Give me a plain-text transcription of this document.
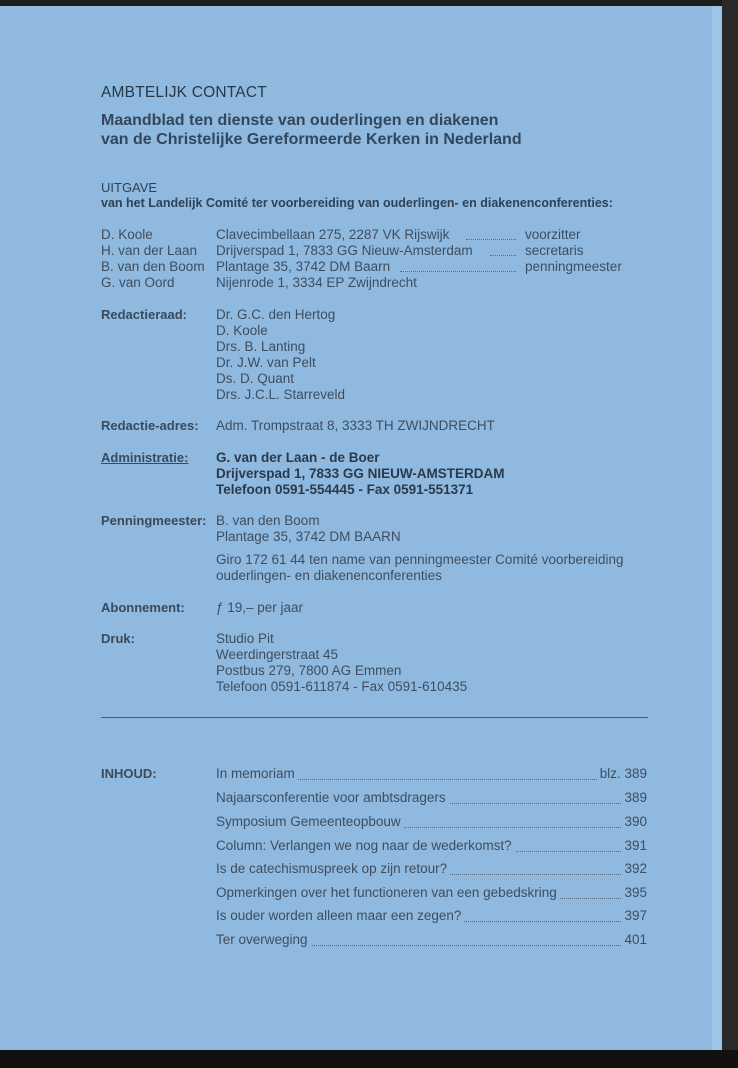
AMBTELIJK CONTACT
Maandblad ten dienste van ouderlingen en diakenen
van de Christelijke Gereformeerde Kerken in Nederland
UITGAVE
van het Landelijk Comité ter voorbereiding van ouderlingen- en diakenenconferenties:
D. Koole	Clavecimbellaan 275, 2287 VK Rijswijk	voorzitter
H. van der Laan Drijverspad 1, 7833 GG Nieuw-Amsterdam	secretaris
B. van den Boom Plantage 35, 3742 DM Baarn	penningmeester
G. van Oord	Nijenrode 1, 3334 EP Zwijndrecht
Redactieraad: Dr. G.C. den Hertog
D. Koole
Drs. B. Lanting
Dr. J.W. van Pelt
Ds. D. Quant
Drs. J.C.L. Starreveld
Redactie-adres: Adm. Trompstraat 8, 3333 TH ZWIJNDRECHT
Administratie: G. van der Laan - de Boer
Drijverspad 1, 7833 GG NIEUW-AMSTERDAM
Telefoon 0591-554445 - Fax 0591-551371
Penningmeester: B. van den Boom
Plantage 35, 3742 DM BAARN
Giro 172 61 44 ten name van penningmeester Comité voorbereiding
ouderlingen- en diakenenconferenties
Abonnement: ƒ 19,– per jaar
Druk:	Studio Pit
Weerdingerstraat 45
Postbus 279, 7800 AG Emmen
Telefoon 0591-611874 - Fax 0591-610435
INHOUD:	In memoriam	blz. 389
Najaarsconferentie voor ambtsdragers	389
Symposium Gemeenteopbouw	390
Column: Verlangen we nog naar de wederkomst?	391
Is de catechismuspreek op zijn retour?	392
Opmerkingen over het functioneren van een gebedskring	395
Is ouder worden alleen maar een zegen?	397
Ter overweging	401
